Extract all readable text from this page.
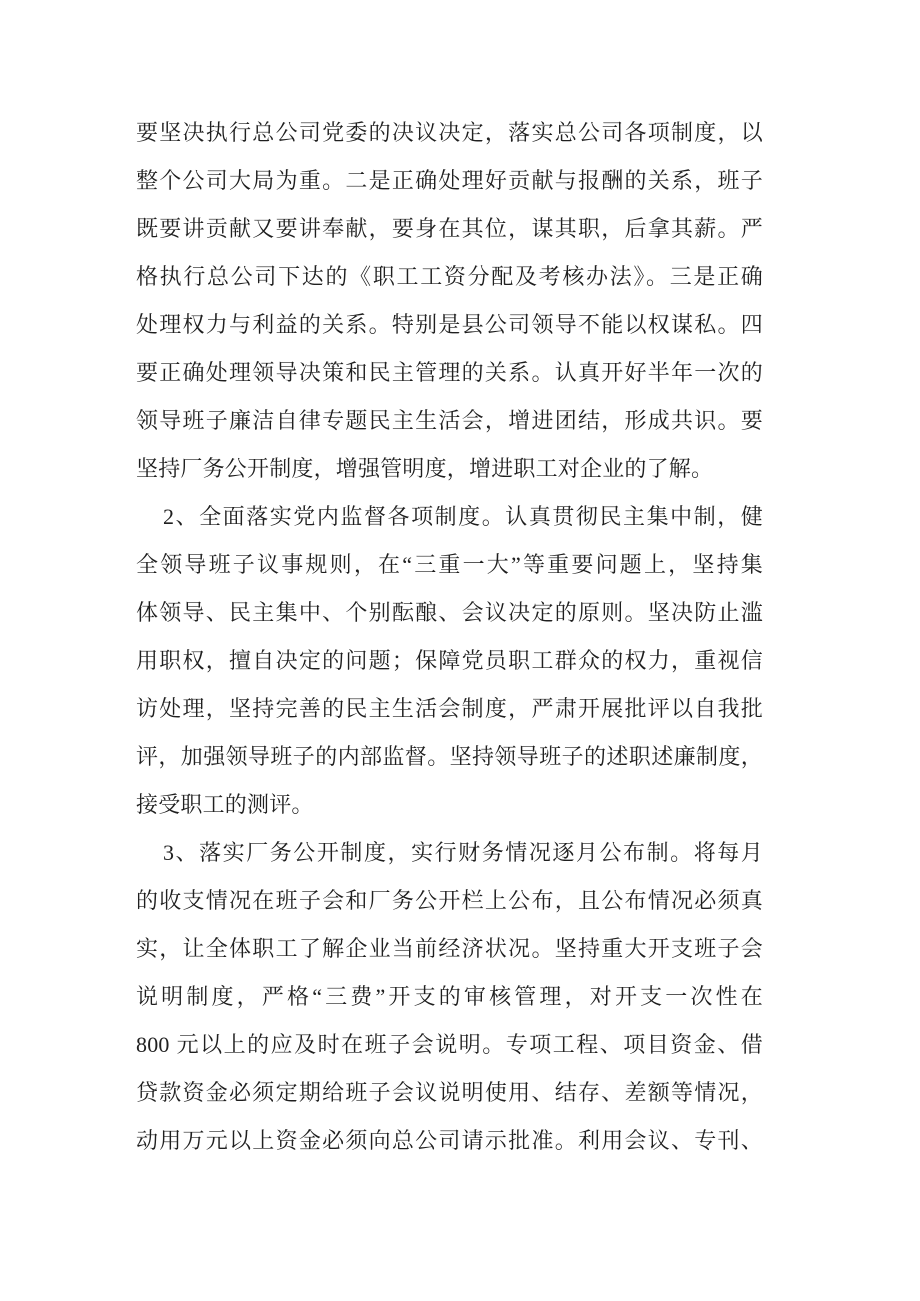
要坚决执行总公司党委的决议决定，落实总公司各项制度，以
整个公司大局为重。二是正确处理好贡献与报酬的关系，班子
既要讲贡献又要讲奉献，要身在其位，谋其职，后拿其薪。严
格执行总公司下达的《职工工资分配及考核办法》。三是正确
处理权力与利益的关系。特别是县公司领导不能以权谋私。四
要正确处理领导决策和民主管理的关系。认真开好半年一次的
领导班子廉洁自律专题民主生活会，增进团结，形成共识。要
坚持厂务公开制度，增强管明度，增进职工对企业的了解。
2、全面落实党内监督各项制度。认真贯彻民主集中制，健
全领导班子议事规则，在“三重一大”等重要问题上，坚持集
体领导、民主集中、个别酝酿、会议决定的原则。坚决防止滥
用职权，擅自决定的问题；保障党员职工群众的权力，重视信
访处理，坚持完善的民主生活会制度，严肃开展批评以自我批
评，加强领导班子的内部监督。坚持领导班子的述职述廉制度，
接受职工的测评。
3、落实厂务公开制度，实行财务情况逐月公布制。将每月
的收支情况在班子会和厂务公开栏上公布，且公布情况必须真
实，让全体职工了解企业当前经济状况。坚持重大开支班子会
说明制度，严格“三费”开支的审核管理，对开支一次性在
800 元以上的应及时在班子会说明。专项工程、项目资金、借
贷款资金必须定期给班子会议说明使用、结存、差额等情况，
动用万元以上资金必须向总公司请示批准。利用会议、专刊、
